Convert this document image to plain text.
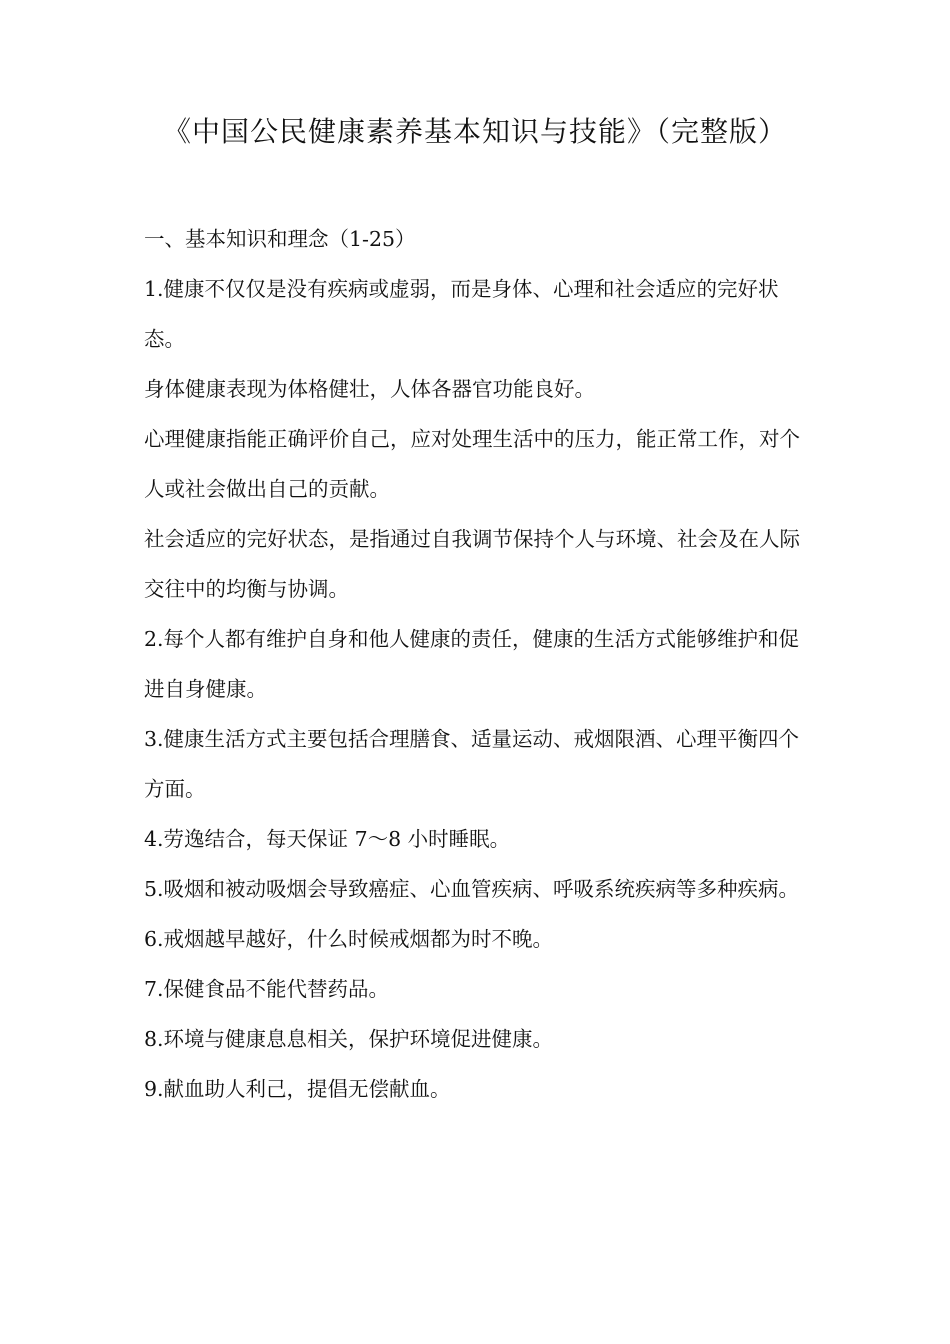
《中国公民健康素养基本知识与技能》（完整版）

一、基本知识和理念（1-25）

1.健康不仅仅是没有疾病或虚弱，而是身体、心理和社会适应的完好状态。

身体健康表现为体格健壮，人体各器官功能良好。

心理健康指能正确评价自己，应对处理生活中的压力，能正常工作，对个人或社会做出自己的贡献。

社会适应的完好状态，是指通过自我调节保持个人与环境、社会及在人际交往中的均衡与协调。

2.每个人都有维护自身和他人健康的责任，健康的生活方式能够维护和促进自身健康。

3.健康生活方式主要包括合理膳食、适量运动、戒烟限酒、心理平衡四个方面。

4.劳逸结合，每天保证 7～8 小时睡眠。

5.吸烟和被动吸烟会导致癌症、心血管疾病、呼吸系统疾病等多种疾病。

6.戒烟越早越好，什么时候戒烟都为时不晚。

7.保健食品不能代替药品。

8.环境与健康息息相关，保护环境促进健康。

9.献血助人利己，提倡无偿献血。
